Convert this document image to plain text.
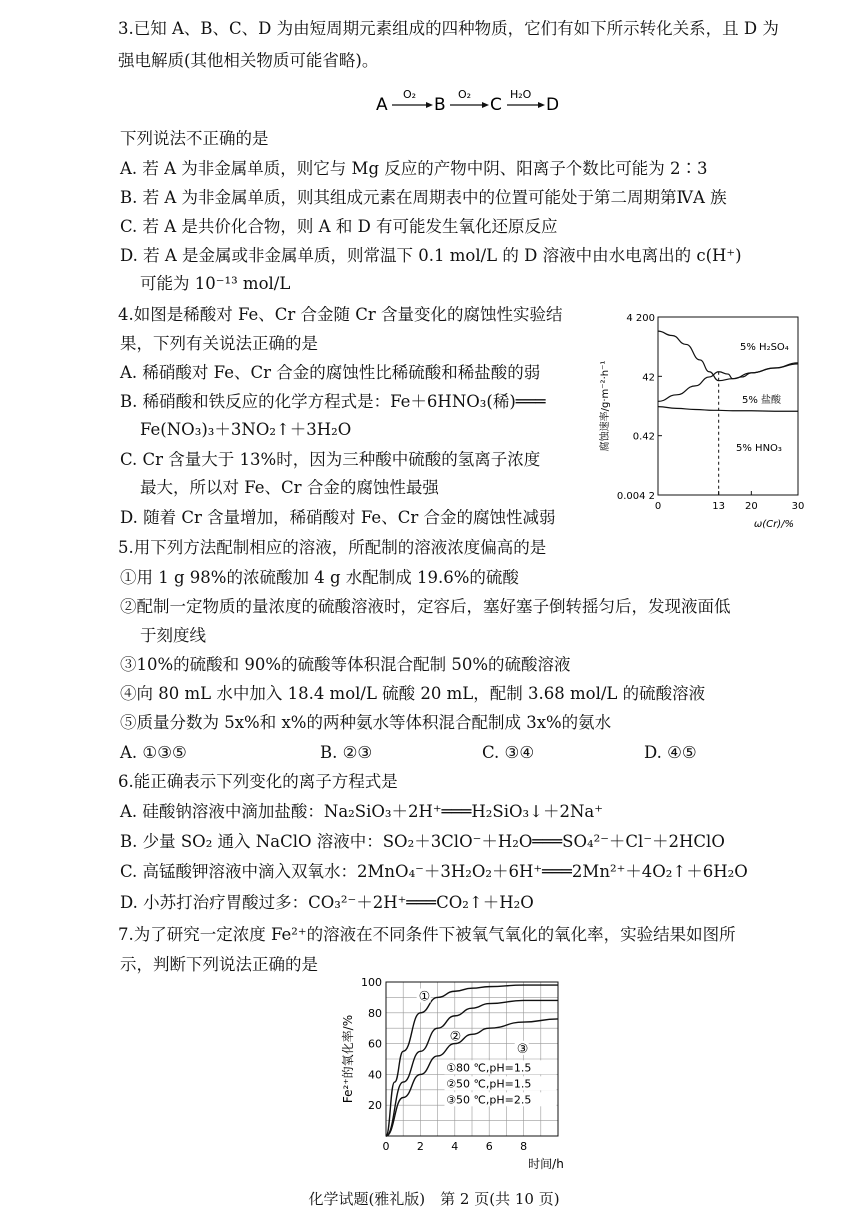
3.已知 A、B、C、D 为由短周期元素组成的四种物质，它们有如下所示转化关系，且 D 为
强电解质(其他相关物质可能省略)。
A
O₂
B
O₂
C
H₂O
D
下列说法不正确的是
A. 若 A 为非金属单质，则它与 Mg 反应的产物中阴、阳离子个数比可能为 2∶3
B. 若 A 为非金属单质，则其组成元素在周期表中的位置可能处于第二周期第ⅣA 族
C. 若 A 是共价化合物，则 A 和 D 有可能发生氧化还原反应
D. 若 A 是金属或非金属单质，则常温下 0.1 mol/L 的 D 溶液中由水电离出的 c(H⁺)
可能为 10⁻¹³ mol/L
4.如图是稀酸对 Fe、Cr 合金随 Cr 含量变化的腐蚀性实验结
果，下列有关说法正确的是
A. 稀硝酸对 Fe、Cr 合金的腐蚀性比稀硫酸和稀盐酸的弱
B. 稀硝酸和铁反应的化学方程式是：Fe＋6HNO₃(稀)═══
Fe(NO₃)₃＋3NO₂↑＋3H₂O
C. Cr 含量大于 13%时，因为三种酸中硫酸的氢离子浓度
最大，所以对 Fe、Cr 合金的腐蚀性最强
D. 随着 Cr 含量增加，稀硝酸对 Fe、Cr 合金的腐蚀性减弱
4 200
42
0.42
0.004 2
0	13 20	30
ω(Cr)/%
腐蚀速率/g·m⁻²·h⁻¹
5% H₂SO₄
5% 盐酸
5% HNO₃
5.用下列方法配制相应的溶液，所配制的溶液浓度偏高的是
①用 1 g 98%的浓硫酸加 4 g 水配制成 19.6%的硫酸
②配制一定物质的量浓度的硫酸溶液时，定容后，塞好塞子倒转摇匀后，发现液面低
于刻度线
③10%的硫酸和 90%的硫酸等体积混合配制 50%的硫酸溶液
④向 80 mL 水中加入 18.4 mol/L 硫酸 20 mL，配制 3.68 mol/L 的硫酸溶液
⑤质量分数为 5x%和 x%的两种氨水等体积混合配制成 3x%的氨水
A. ①③⑤	B. ②③	C. ③④	D. ④⑤
6.能正确表示下列变化的离子方程式是
A. 硅酸钠溶液中滴加盐酸：Na₂SiO₃＋2H⁺═══H₂SiO₃↓＋2Na⁺
B. 少量 SO₂ 通入 NaClO 溶液中：SO₂＋3ClO⁻＋H₂O═══SO₄²⁻＋Cl⁻＋2HClO
C. 高锰酸钾溶液中滴入双氧水：2MnO₄⁻＋3H₂O₂＋6H⁺═══2Mn²⁺＋4O₂↑＋6H₂O
D. 小苏打治疗胃酸过多：CO₃²⁻＋2H⁺═══CO₂↑＋H₂O
7.为了研究一定浓度 Fe²⁺的溶液在不同条件下被氧气氧化的氧化率，实验结果如图所
示，判断下列说法正确的是
20
40
60
80
100
0 2 4 6 8
时间/h
Fe²⁺的氧化率/%
①
②
③
①80 ℃,pH=1.5
②50 ℃,pH=1.5
③50 ℃,pH=2.5
化学试题(雅礼版)　第 2 页(共 10 页)
